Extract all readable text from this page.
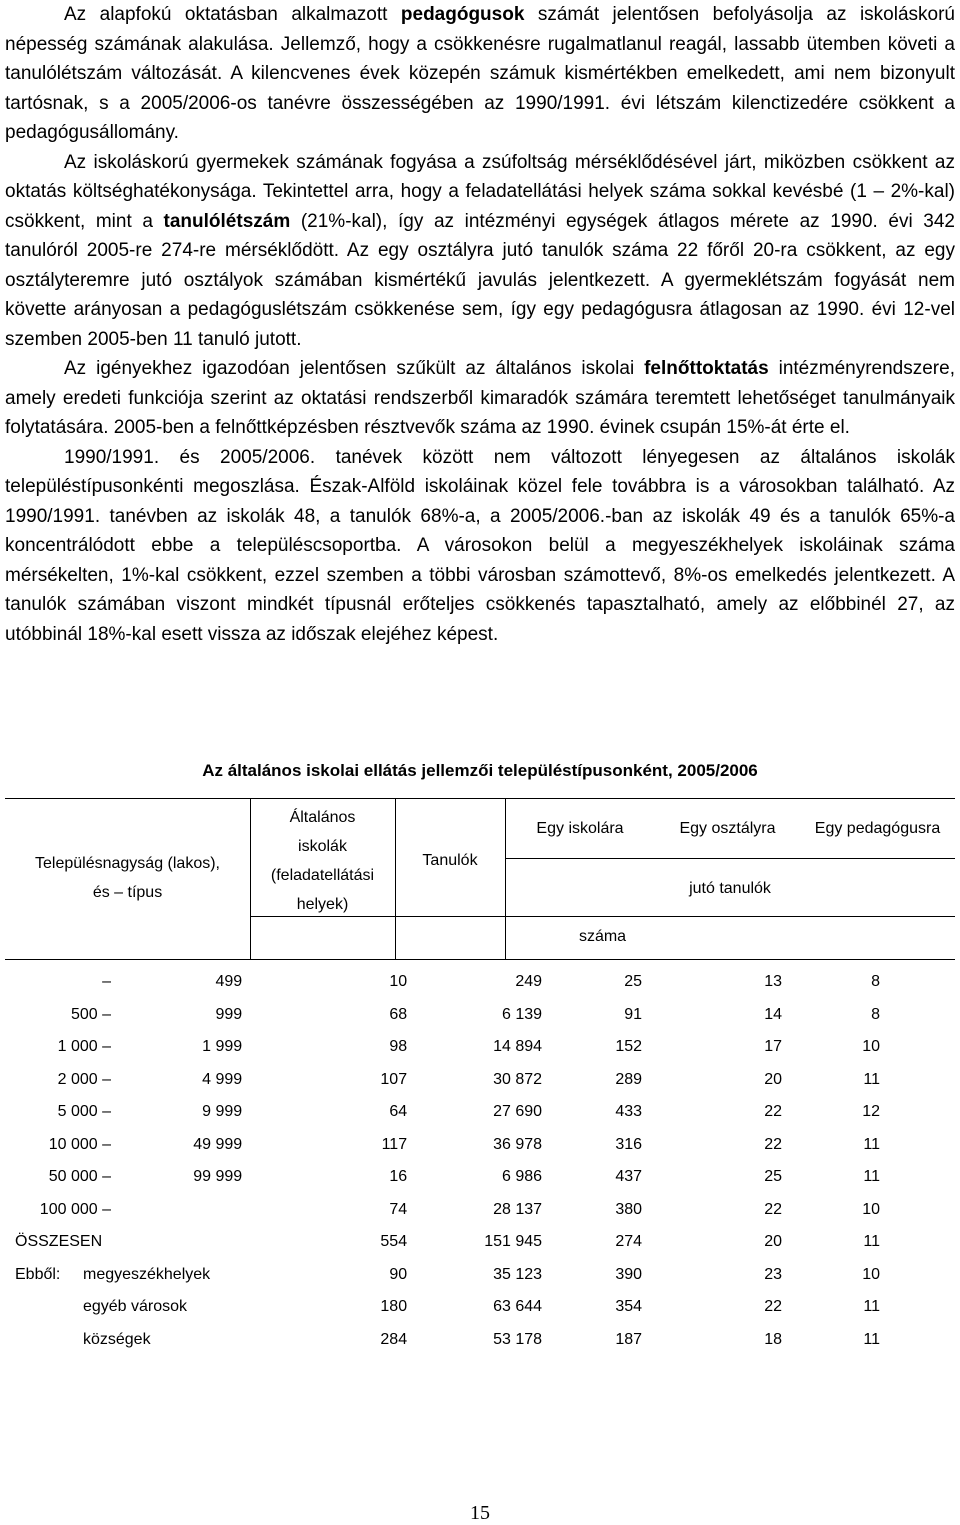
Az alapfokú oktatásban alkalmazott pedagógusok számát jelentősen befolyásolja az iskoláskorú népesség számának alakulása. Jellemző, hogy a csökkenésre rugalmatlanul reagál, lassabb ütemben követi a tanulólétszám változását. A kilencvenes évek közepén számuk kismértékben emelkedett, ami nem bizonyult tartósnak, s a 2005/2006-os tanévre összességében az 1990/1991. évi létszám kilenctizedére csökkent a pedagógusállomány.

Az iskoláskorú gyermekek számának fogyása a zsúfoltság mérséklődésével járt, miközben csökkent az oktatás költséghatékonysága. Tekintettel arra, hogy a feladatellátási helyek száma sokkal kevésbé (1 – 2%-kal) csökkent, mint a tanulólétszám (21%-kal), így az intézményi egységek átlagos mérete az 1990. évi 342 tanulóról 2005-re 274-re mérséklődött. Az egy osztályra jutó tanulók száma 22 főről 20-ra csökkent, az egy osztályteremre jutó osztályok számában kismértékű javulás jelentkezett. A gyermeklétszám fogyását nem követte arányosan a pedagóguslétszám csökkenése sem, így egy pedagógusra átlagosan az 1990. évi 12-vel szemben 2005-ben 11 tanuló jutott.

Az igényekhez igazodóan jelentősen szűkült az általános iskolai felnőttoktatás intézményrendszere, amely eredeti funkciója szerint az oktatási rendszerből kimaradók számára teremtett lehetőséget tanulmányaik folytatására. 2005-ben a felnőttképzésben résztvevők száma az 1990. évinek csupán 15%-át érte el.

1990/1991. és 2005/2006. tanévek között nem változott lényegesen az általános iskolák településtípusonkénti megoszlása. Észak-Alföld iskoláinak közel fele továbbra is a városokban található. Az 1990/1991. tanévben az iskolák 48, a tanulók 68%-a, a 2005/2006.-ban az iskolák 49 és a tanulók 65%-a koncentrálódott ebbe a településcsoportba. A városokon belül a megyeszékhelyek iskoláinak száma mérsékelten, 1%-kal csökkent, ezzel szemben a többi városban számottevő, 8%-os emelkedés jelentkezett. A tanulók számában viszont mindkét típusnál erőteljes csökkenés tapasztalható, amely az előbbinél 27, az utóbbinál 18%-kal esett vissza az időszak elejéhez képest.

Az általános iskolai ellátás jellemzői településtípusonként, 2005/2006
Településnagyság (lakos),
és – típus
Általános
iskolák
(feladatellátási
helyek)
Tanulók
Egy iskolára	Egy osztályra	Egy pedagógusra
jutó tanulók
száma
–	499	10	249	25	13	8
500 –	999	68	6 139	91	14	8
1 000 –	1 999	98	14 894	152	17	10
2 000 –	4 999	107	30 872	289	20	11
5 000 –	9 999	64	27 690	433	22	12
10 000 –	49 999	117	36 978	316	22	11
50 000 –	99 999	16	6 986	437	25	11
100 000 –		74	28 137	380	22	10
ÖSSZESEN	554	151 945	274	20	11
Ebből:	megyeszékhelyek	90	35 123	390	23	10
	egyéb városok	180	63 644	354	22	11
	községek	284	53 178	187	18	11
15
